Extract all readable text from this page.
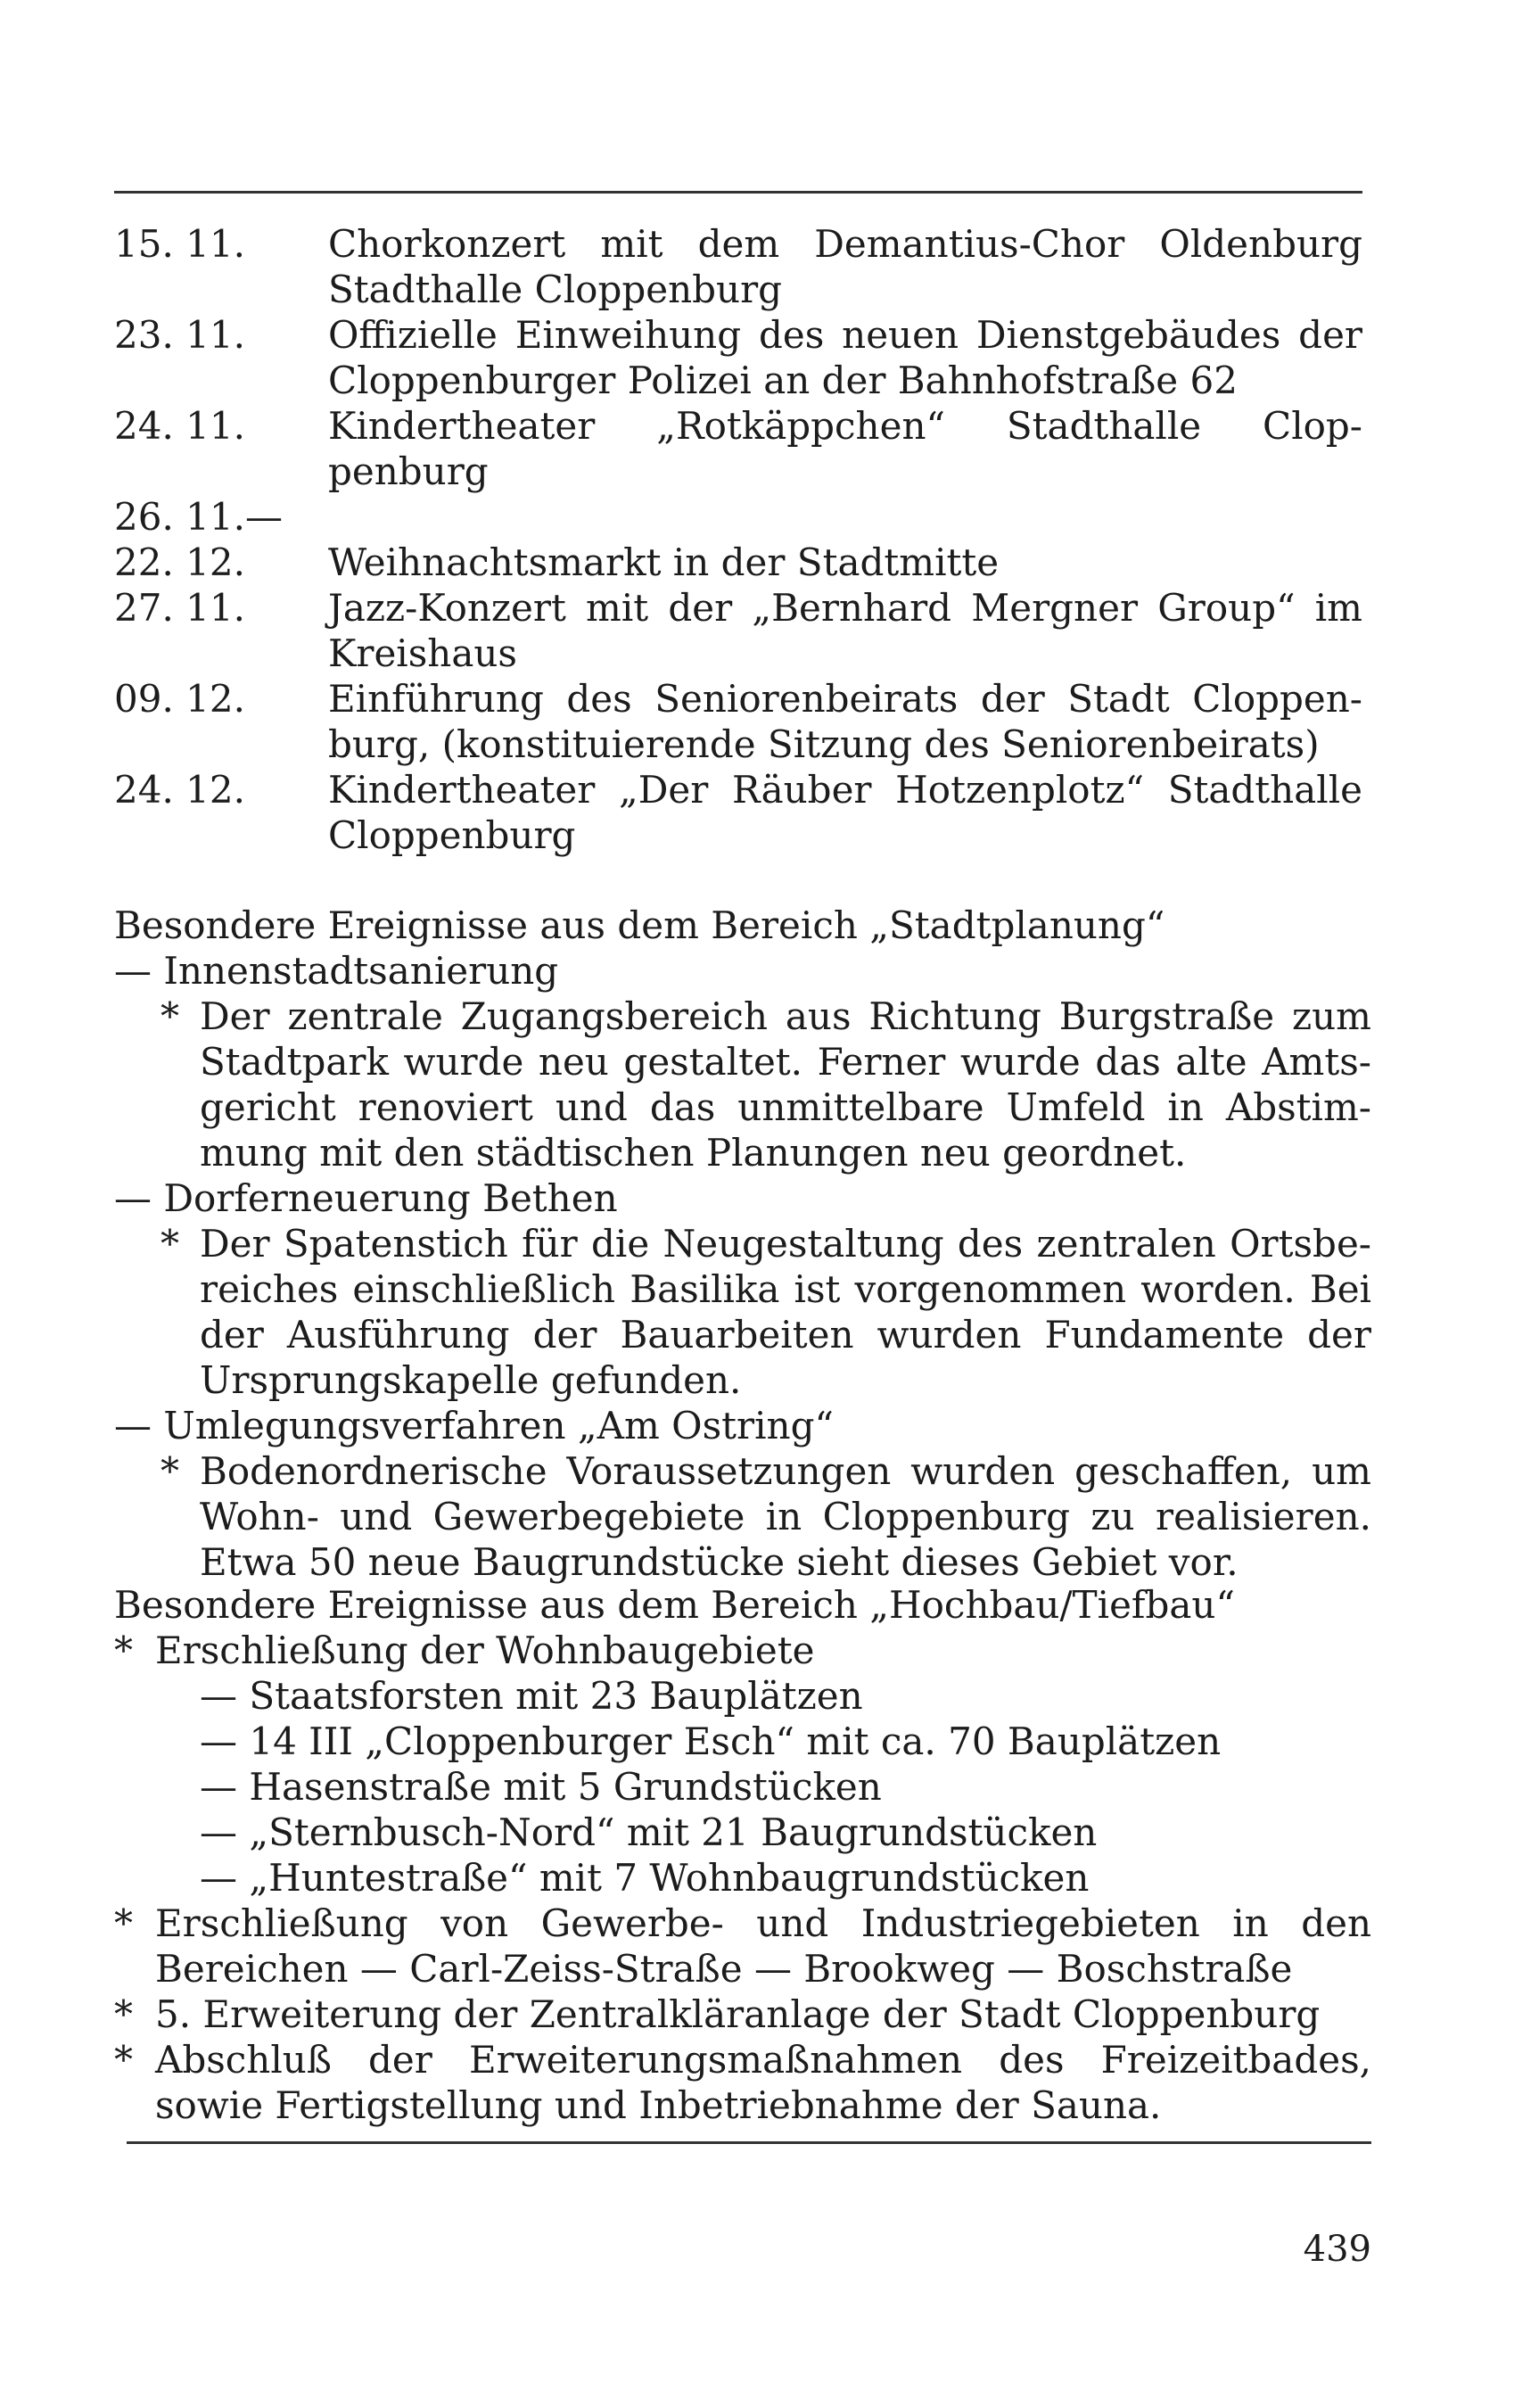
15. 11.	Chorkonzert mit dem Demantius-Chor Oldenburg
Stadthalle Cloppenburg
23. 11.	Offizielle Einweihung des neuen Dienstgebäudes der
Cloppenburger Polizei an der Bahnhofstraße 62
24. 11.	Kindertheater „Rotkäppchen“ Stadthalle Clop-
penburg
26. 11.—
22. 12.	Weihnachtsmarkt in der Stadtmitte
27. 11.	Jazz-Konzert mit der „Bernhard Mergner Group“ im
Kreishaus
09. 12.	Einführung des Seniorenbeirats der Stadt Cloppen-
burg, (konstituierende Sitzung des Seniorenbeirats)
24. 12.	Kindertheater „Der Räuber Hotzenplotz“ Stadthalle
Cloppenburg
Besondere Ereignisse aus dem Bereich „Stadtplanung“
— Innenstadtsanierung
* Der zentrale Zugangsbereich aus Richtung Burgstraße zum
Stadtpark wurde neu gestaltet. Ferner wurde das alte Amts-
gericht renoviert und das unmittelbare Umfeld in Abstim-
mung mit den städtischen Planungen neu geordnet.
— Dorferneuerung Bethen
* Der Spatenstich für die Neugestaltung des zentralen Ortsbe-
reiches einschließlich Basilika ist vorgenommen worden. Bei
der Ausführung der Bauarbeiten wurden Fundamente der
Ursprungskapelle gefunden.
— Umlegungsverfahren „Am Ostring“
* Bodenordnerische Voraussetzungen wurden geschaffen, um
Wohn- und Gewerbegebiete in Cloppenburg zu realisieren.
Etwa 50 neue Baugrundstücke sieht dieses Gebiet vor.
Besondere Ereignisse aus dem Bereich „Hochbau/Tiefbau“
* Erschließung der Wohnbaugebiete
— Staatsforsten mit 23 Bauplätzen
— 14 III „Cloppenburger Esch“ mit ca. 70 Bauplätzen
— Hasenstraße mit 5 Grundstücken
— „Sternbusch-Nord“ mit 21 Baugrundstücken
— „Huntestraße“ mit 7 Wohnbaugrundstücken
* Erschließung von Gewerbe- und Industriegebieten in den
Bereichen — Carl-Zeiss-Straße — Brookweg — Boschstraße
* 5. Erweiterung der Zentralkläranlage der Stadt Cloppenburg
* Abschluß der Erweiterungsmaßnahmen des Freizeitbades,
sowie Fertigstellung und Inbetriebnahme der Sauna.
439
